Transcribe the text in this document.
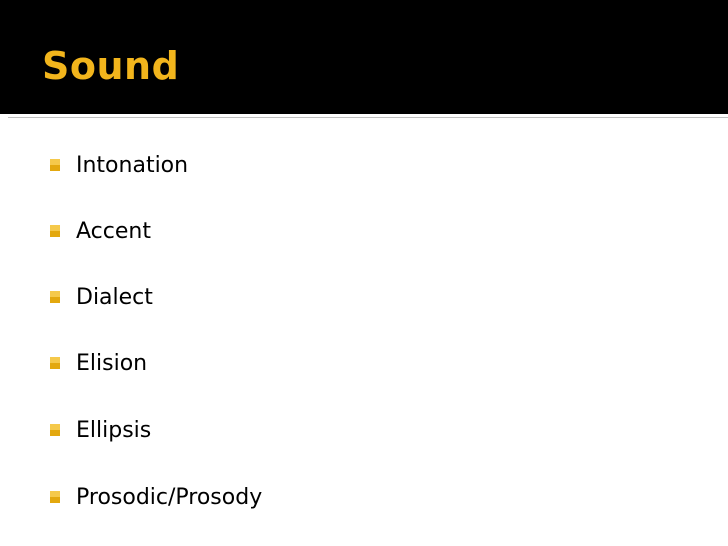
Sound
Intonation
Accent
Dialect
Elision
Ellipsis
Prosodic/Prosody
